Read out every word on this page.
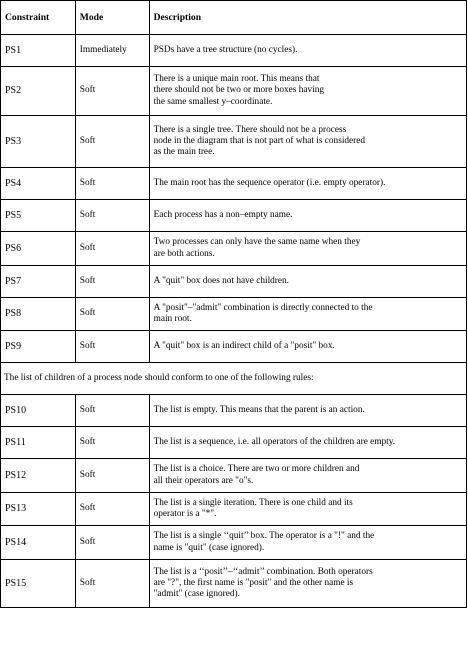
Constraint	Mode	Description
PS1	Immediately	PSDs have a tree structure (no cycles).

PS2	Soft	There is a unique main root. This means that
there should not be two or more boxes having
the same smallest y–coordinate.

PS3	Soft	There is a single tree. There should not be a process
node in the diagram that is not part of what is considered
as the main tree.

PS4	Soft	The main root has the sequence operator (i.e. empty operator).

PS5	Soft	Each process has a non–empty name.

PS6	Soft	Two processes can only have the same name when they
are both actions.

PS7	Soft	A "quit" box does not have children.

PS8	Soft	A "posit"–"admit" combination is directly connected to the
main root.

PS9	Soft	A "quit" box is an indirect child of a "posit" box.

The list of children of a process node should conform to one of the following rules:		
PS10	Soft	The list is empty. This means that the parent is an action.

PS11	Soft	The list is a sequence, i.e. all operators of the children are empty.

PS12	Soft	The list is a choice. There are two or more children and
all their operators are "o"s.

PS13	Soft	The list is a single iteration. There is one child and its
operator is a "*".

PS14	Soft	The list is a single ‘‘quit’’ box. The operator is a "!" and the
name is "quit" (case ignored).

PS15	Soft	The list is a ‘‘posit’’–‘‘admit’’ combination. Both operators
are "?", the first name is "posit" and the other name is
"admit" (case ignored).
